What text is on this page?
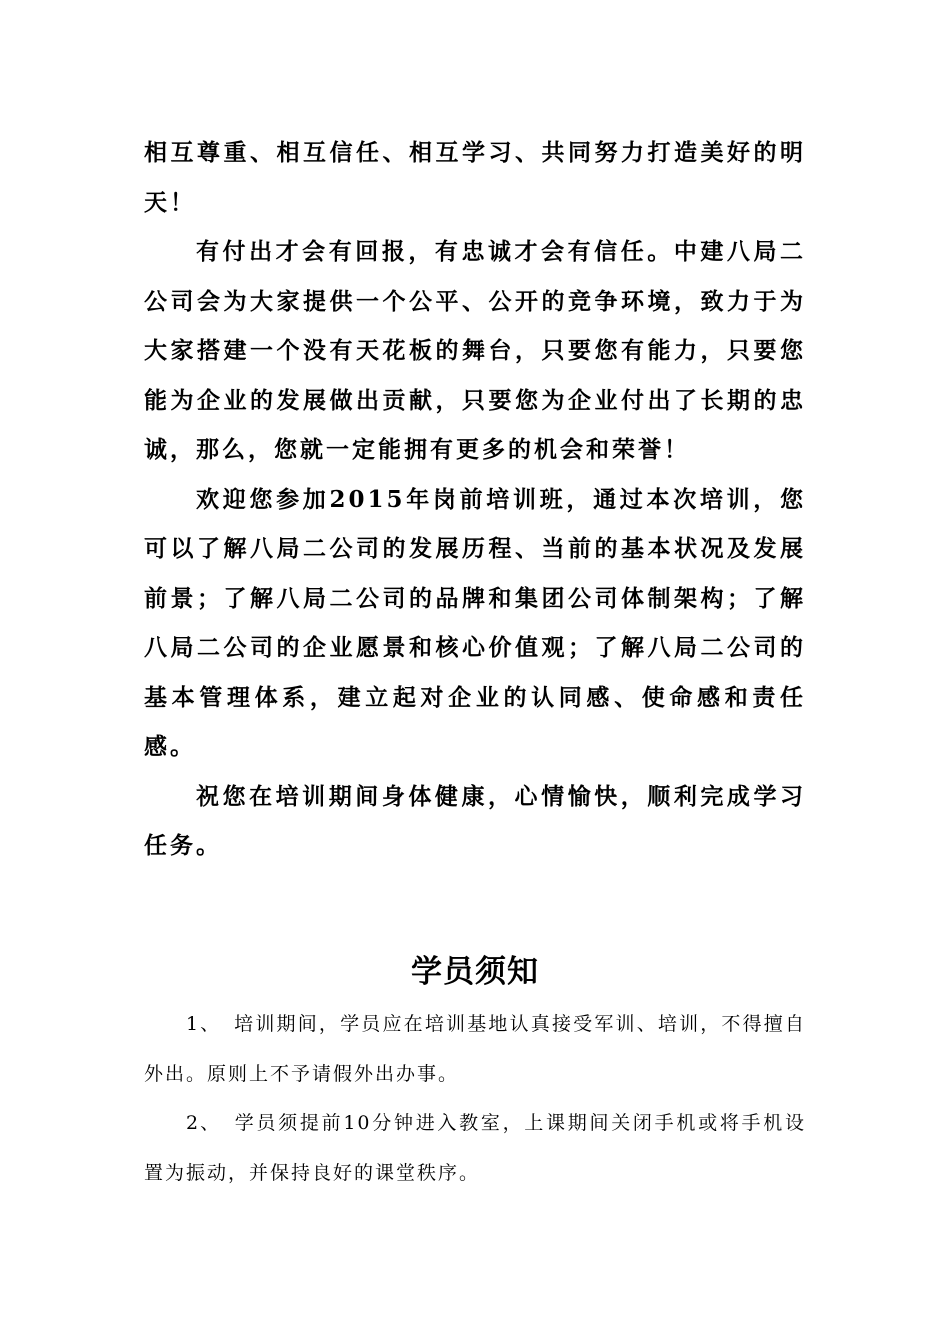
相互尊重、相互信任、相互学习、共同努力打造美好的明天！

有付出才会有回报，有忠诚才会有信任。中建八局二公司会为大家提供一个公平、公开的竞争环境，致力于为大家搭建一个没有天花板的舞台，只要您有能力，只要您能为企业的发展做出贡献，只要您为企业付出了长期的忠诚，那么，您就一定能拥有更多的机会和荣誉！

欢迎您参加2015年岗前培训班，通过本次培训，您可以了解八局二公司的发展历程、当前的基本状况及发展前景；了解八局二公司的品牌和集团公司体制架构；了解八局二公司的企业愿景和核心价值观；了解八局二公司的基本管理体系，建立起对企业的认同感、使命感和责任感。

祝您在培训期间身体健康，心情愉快，顺利完成学习任务。

学员须知

1、 培训期间，学员应在培训基地认真接受军训、培训，不得擅自外出。原则上不予请假外出办事。

2、 学员须提前10分钟进入教室，上课期间关闭手机或将手机设置为振动，并保持良好的课堂秩序。
